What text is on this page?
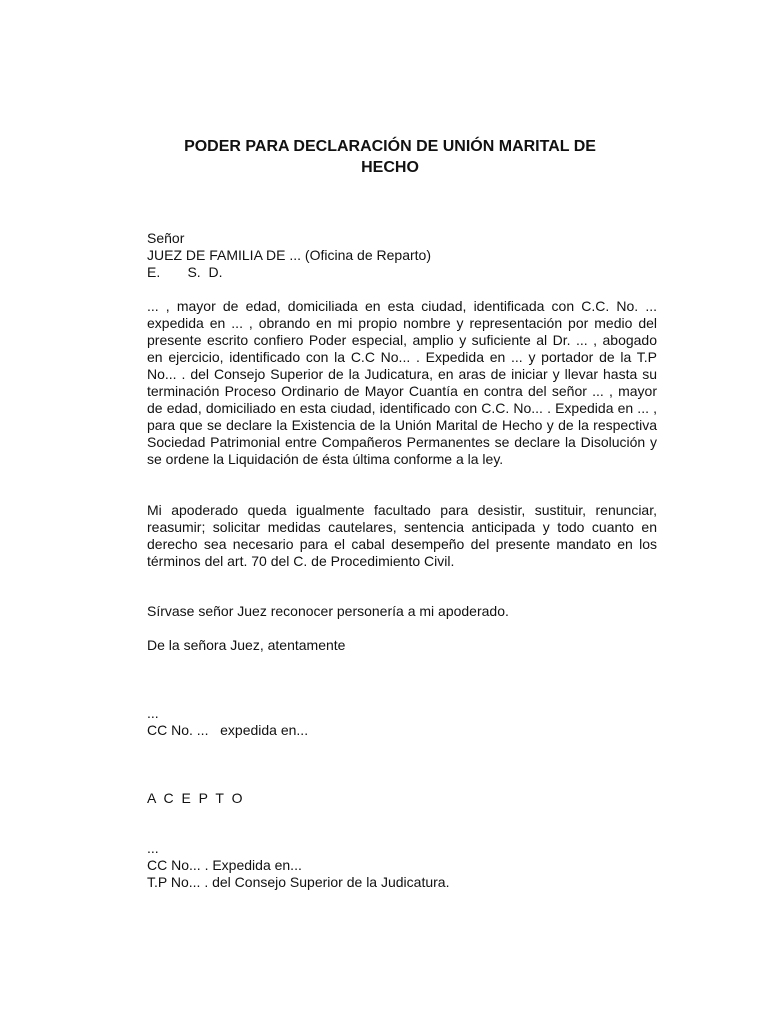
PODER PARA DECLARACIÓN DE UNIÓN MARITAL DE
HECHO
Señor
JUEZ DE FAMILIA DE ... (Oficina de Reparto)
E.       S.  D.

... , mayor de edad, domiciliada en esta ciudad, identificada con C.C. No. ... expedida en ... , obrando en mi propio nombre y representación por medio del presente escrito confiero Poder especial, amplio y suficiente al Dr. ... , abogado en ejercicio, identificado con la C.C No... . Expedida en ... y portador de la T.P No... . del Consejo Superior de la Judicatura, en aras de iniciar y llevar hasta su terminación Proceso Ordinario de Mayor Cuantía en contra del señor ... , mayor de edad, domiciliado en esta ciudad, identificado con C.C. No... . Expedida en ... , para que se declare la Existencia de la Unión Marital de Hecho y de la respectiva Sociedad Patrimonial entre Compañeros Permanentes se declare la Disolución y se ordene la Liquidación de ésta última conforme a la ley.

Mi apoderado queda igualmente facultado para desistir, sustituir, renunciar, reasumir; solicitar medidas cautelares, sentencia anticipada y todo cuanto en derecho sea necesario para el cabal desempeño del presente mandato en los términos del art. 70 del C. de Procedimiento Civil.

Sírvase señor Juez reconocer personería a mi apoderado.

De la señora Juez, atentamente

...
CC No. ...   expedida en...
A C E P T O
...
CC No... . Expedida en...
T.P No... . del Consejo Superior de la Judicatura.
